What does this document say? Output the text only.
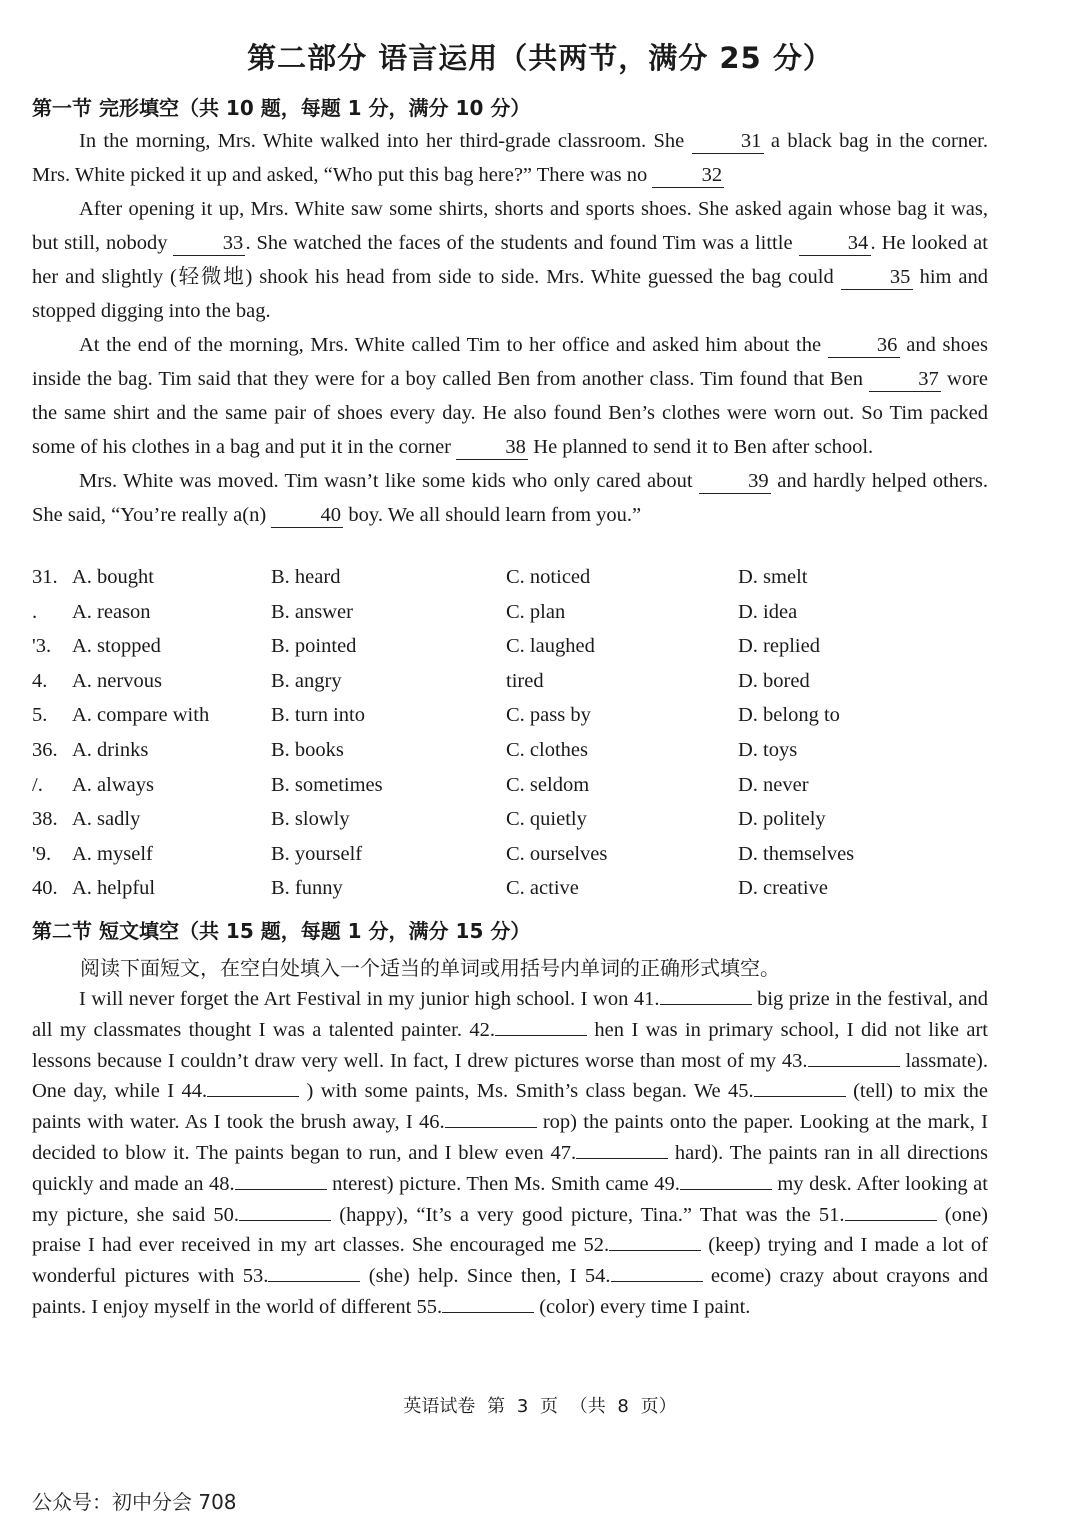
第二部分 语言运用（共两节，满分 25 分）
第一节 完形填空（共 10 题，每题 1 分，满分 10 分）

In the morning, Mrs. White walked into her third-grade classroom. She 31 a black bag in the corner. Mrs. White picked it up and asked, “Who put this bag here?” There was no 32

After opening it up, Mrs. White saw some shirts, shorts and sports shoes. She asked again whose bag it was, but still, nobody 33 . She watched the faces of the students and found Tim was a little 34 . He looked at her and slightly (轻微地) shook his head from side to side. Mrs. White guessed the bag could 35 him and stopped digging into the bag.

At the end of the morning, Mrs. White called Tim to her office and asked him about the 36 and shoes inside the bag. Tim said that they were for a boy called Ben from another class. Tim found that Ben 37 wore the same shirt and the same pair of shoes every day. He also found Ben’s clothes were worn out. So Tim packed some of his clothes in a bag and put it in the corner 38 He planned to send it to Ben after school.

Mrs. White was moved. Tim wasn’t like some kids who only cared about 39 and hardly helped others. She said, “You’re really a(n) 40 boy. We all should learn from you.”

31. A. bought	B. heard	C. noticed	D. smelt
. A. reason	B. answer	C. plan	D. idea
'3. A. stopped	B. pointed	C. laughed	D. replied
4. A. nervous	B. angry	tired	D. bored
5. A. compare with	B. turn into	C. pass by	D. belong to
36. A. drinks	B. books	C. clothes	D. toys
/. A. always	B. sometimes	C. seldom	D. never
38. A. sadly	B. slowly	C. quietly	D. politely
'9. A. myself	B. yourself	C. ourselves	D. themselves
40. A. helpful	B. funny	C. active	D. creative
第二节 短文填空（共 15 题，每题 1 分，满分 15 分）
阅读下面短文，在空白处填入一个适当的单词或用括号内单词的正确形式填空。

I will never forget the Art Festival in my junior high school. I won 41.	big prize in the festival, and all my classmates thought I was a talented painter. 42.	hen I was in primary school, I did not like art lessons because I couldn’t draw very well. In fact, I drew pictures worse than most of my 43.	lassmate). One day, while I 44.	) with some paints, Ms. Smith’s class began. We 45.	(tell) to mix the paints with water. As I took the brush away, I 46.	rop) the paints onto the paper. Looking at the mark, I decided to blow it. The paints began to run, and I blew even 47.	hard). The paints ran in all directions quickly and made an 48.	nterest) picture. Then Ms. Smith came 49.	my desk. After looking at my picture, she said 50.	(happy), “It’s a very good picture, Tina.” That was the 51.	(one) praise I had ever received in my art classes. She encouraged me 52.	(keep) trying and I made a lot of wonderful pictures with 53.	(she) help. Since then, I 54.	ecome) crazy about crayons and paints. I enjoy myself in the world of different 55.	(color) every time I paint.

英语试卷 第 3 页 （共 8 页）
公众号：初中分会 708
